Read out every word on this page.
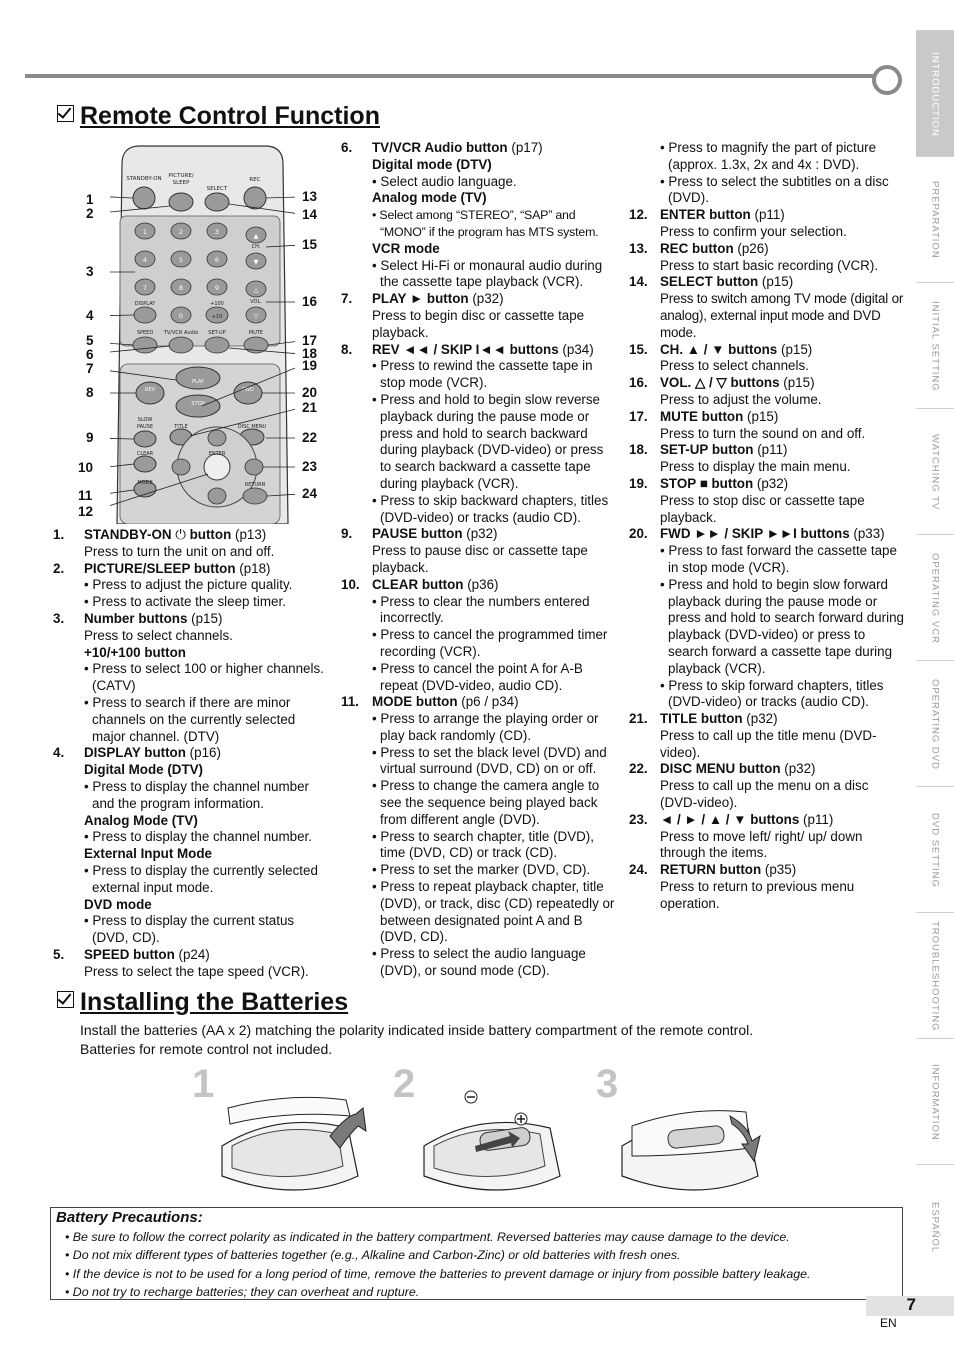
INTRODUCTION
PREPARATION
INITIAL SETTING
WATCHING TV
OPERATING VCR
OPERATING DVD
DVD SETTING
TROUBLESHOOTING
INFORMATION
ESPAÑOL
Remote Control Function
STANDBY-ON PICTURE/
SLEEP
SELECT
REC
1	2	3
4	5	6
7	8	9
0
▲
▼
△
▽
DISPLAY	+100
+10
CH.
VOL.
SPEED TV/VCR Audio SET-UP	MUTE
PLAY
STOP
REV	FWD
SLOW
PAUSE	TITLE	DISC MENU
ENTER
CLEAR
MODE	RETURN
1
2
3
4
5
6
7
8
9
10
11
12
13
14
15
16
17
18
19
20
21
22
23
24
1. STANDBY-ON ⏻ button (p13)
Press to turn the unit on and off.
2. PICTURE/SLEEP button (p18)
• Press to adjust the picture quality.
• Press to activate the sleep timer.
3. Number buttons (p15)
Press to select channels.
+10/+100 button
• Press to select 100 or higher channels. (CATV)
• Press to search if there are minor channels on the currently selected major channel. (DTV)
4. DISPLAY button (p16)
Digital Mode (DTV)
• Press to display the channel number and the program information.
Analog Mode (TV)
• Press to display the channel number.
External Input Mode
• Press to display the currently selected external input mode.
DVD mode
• Press to display the current status (DVD, CD).
5. SPEED button (p24)
Press to select the tape speed (VCR).
6. TV/VCR Audio button (p17)
Digital mode (DTV)
• Select audio language.
Analog mode (TV)
• Select among “STEREO”, “SAP” and “MONO” if the program has MTS system.
VCR mode
• Select Hi-Fi or monaural audio during the cassette tape playback (VCR).
7. PLAY ► button (p32)
Press to begin disc or cassette tape playback.
8. REV ◄◄ / SKIP I◄◄ buttons (p34)
• Press to rewind the cassette tape in stop mode (VCR).
• Press and hold to begin slow reverse playback during the pause mode or press and hold to search backward during playback (DVD-video) or press to search backward a cassette tape during playback (VCR).
• Press to skip backward chapters, titles (DVD-video) or tracks (audio CD).
9. PAUSE button (p32)
Press to pause disc or cassette tape playback.
10. CLEAR button (p36)
• Press to clear the numbers entered incorrectly.
• Press to cancel the programmed timer recording (VCR).
• Press to cancel the point A for A-B repeat (DVD-video, audio CD).
11. MODE button (p6 / p34)
• Press to arrange the playing order or play back randomly (CD).
• Press to set the black level (DVD) and virtual surround (DVD, CD) on or off.
• Press to change the camera angle to see the sequence being played back from different angle (DVD).
• Press to search chapter, title (DVD), time (DVD, CD) or track (CD).
• Press to set the marker (DVD, CD).
• Press to repeat playback chapter, title (DVD), or track, disc (CD) repeatedly or between designated point A and B (DVD, CD).
• Press to select the audio language (DVD), or sound mode (CD).
• Press to magnify the part of picture (approx. 1.3x, 2x and 4x : DVD).
• Press to select the subtitles on a disc (DVD).
12. ENTER button (p11)
Press to confirm your selection.
13. REC button (p26)
Press to start basic recording (VCR).
14. SELECT button (p15)
Press to switch among TV mode (digital or analog), external input mode and DVD mode.
15. CH. ▲ / ▼ buttons (p15)
Press to select channels.
16. VOL. △ / ▽ buttons (p15)
Press to adjust the volume.
17. MUTE button (p15)
Press to turn the sound on and off.
18. SET-UP button (p11)
Press to display the main menu.
19. STOP ■ button (p32)
Press to stop disc or cassette tape playback.
20. FWD ►► / SKIP ►►I buttons (p33)
• Press to fast forward the cassette tape in stop mode (VCR).
• Press and hold to begin slow forward playback during the pause mode or press and hold to search forward during playback (DVD-video) or press to search forward a cassette tape during playback (VCR).
• Press to skip forward chapters, titles (DVD-video) or tracks (audio CD).
21. TITLE button (p32)
Press to call up the title menu (DVD-video).
22. DISC MENU button (p32)
Press to call up the menu on a disc (DVD-video).
23. ◄ / ► / ▲ / ▼ buttons (p11)
Press to move left/ right/ up/ down through the items.
24. RETURN button (p35)
Press to return to previous menu operation.
Installing the Batteries
Install the batteries (AA x 2) matching the polarity indicated inside battery compartment of the remote control.
Batteries for remote control not included.
1	2	3
Battery Precautions:
• Be sure to follow the correct polarity as indicated in the battery compartment. Reversed batteries may cause damage to the device.
• Do not mix different types of batteries together (e.g., Alkaline and Carbon-Zinc) or old batteries with fresh ones.
• If the device is not to be used for a long period of time, remove the batteries to prevent damage or injury from possible battery leakage.
• Do not try to recharge batteries; they can overheat and rupture.
7
EN
